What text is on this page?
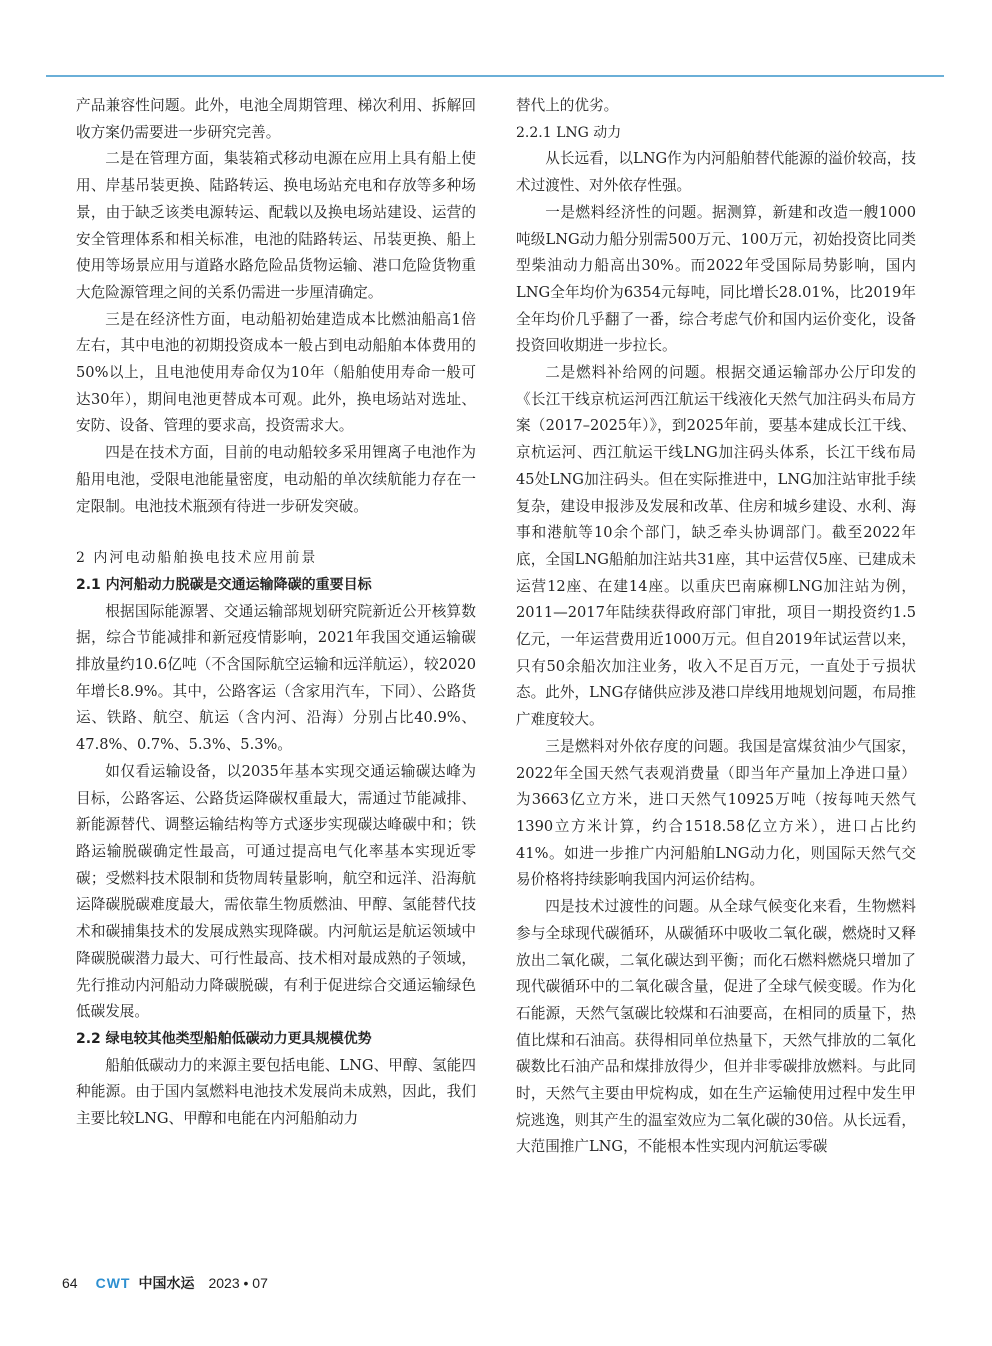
产品兼容性问题。此外，电池全周期管理、梯次利用、拆解回收方案仍需要进一步研究完善。

二是在管理方面，集装箱式移动电源在应用上具有船上使用、岸基吊装更换、陆路转运、换电场站充电和存放等多种场景，由于缺乏该类电源转运、配载以及换电场站建设、运营的安全管理体系和相关标准，电池的陆路转运、吊装更换、船上使用等场景应用与道路水路危险品货物运输、港口危险货物重大危险源管理之间的关系仍需进一步厘清确定。

三是在经济性方面，电动船初始建造成本比燃油船高1倍左右，其中电池的初期投资成本一般占到电动船舶本体费用的50%以上，且电池使用寿命仅为10年（船舶使用寿命一般可达30年），期间电池更替成本可观。此外，换电场站对选址、安防、设备、管理的要求高，投资需求大。

四是在技术方面，目前的电动船较多采用锂离子电池作为船用电池，受限电池能量密度，电动船的单次续航能力存在一定限制。电池技术瓶颈有待进一步研发突破。

2 内河电动船舶换电技术应用前景

2.1 内河船动力脱碳是交通运输降碳的重要目标

根据国际能源署、交通运输部规划研究院新近公开核算数据，综合节能减排和新冠疫情影响，2021年我国交通运输碳排放量约10.6亿吨（不含国际航空运输和远洋航运），较2020年增长8.9%。其中，公路客运（含家用汽车，下同）、公路货运、铁路、航空、航运（含内河、沿海）分别占比40.9%、47.8%、0.7%、5.3%、5.3%。

如仅看运输设备，以2035年基本实现交通运输碳达峰为目标，公路客运、公路货运降碳权重最大，需通过节能减排、新能源替代、调整运输结构等方式逐步实现碳达峰碳中和；铁路运输脱碳确定性最高，可通过提高电气化率基本实现近零碳；受燃料技术限制和货物周转量影响，航空和远洋、沿海航运降碳脱碳难度最大，需依靠生物质燃油、甲醇、氢能替代技术和碳捕集技术的发展成熟实现降碳。内河航运是航运领域中降碳脱碳潜力最大、可行性最高、技术相对最成熟的子领域，先行推动内河船动力降碳脱碳，有利于促进综合交通运输绿色低碳发展。

2.2 绿电较其他类型船舶低碳动力更具规模优势

船舶低碳动力的来源主要包括电能、LNG、甲醇、氢能四种能源。由于国内氢燃料电池技术发展尚未成熟，因此，我们主要比较LNG、甲醇和电能在内河船舶动力

替代上的优劣。

2.2.1 LNG 动力

从长远看，以LNG作为内河船舶替代能源的溢价较高，技术过渡性、对外依存性强。

一是燃料经济性的问题。据测算，新建和改造一艘1000吨级LNG动力船分别需500万元、100万元，初始投资比同类型柴油动力船高出30%。而2022年受国际局势影响，国内LNG全年均价为6354元每吨，同比增长28.01%，比2019年全年均价几乎翻了一番，综合考虑气价和国内运价变化，设备投资回收期进一步拉长。

二是燃料补给网的问题。根据交通运输部办公厅印发的《长江干线京杭运河西江航运干线液化天然气加注码头布局方案（2017–2025年）》，到2025年前，要基本建成长江干线、京杭运河、西江航运干线LNG加注码头体系，长江干线布局45处LNG加注码头。但在实际推进中，LNG加注站审批手续复杂，建设申报涉及发展和改革、住房和城乡建设、水利、海事和港航等10余个部门，缺乏牵头协调部门。截至2022年底，全国LNG船舶加注站共31座，其中运营仅5座、已建成未运营12座、在建14座。以重庆巴南麻柳LNG加注站为例，2011—2017年陆续获得政府部门审批，项目一期投资约1.5亿元，一年运营费用近1000万元。但自2019年试运营以来，只有50余船次加注业务，收入不足百万元，一直处于亏损状态。此外，LNG存储供应涉及港口岸线用地规划问题，布局推广难度较大。

三是燃料对外依存度的问题。我国是富煤贫油少气国家，2022年全国天然气表观消费量（即当年产量加上净进口量）为3663亿立方米，进口天然气10925万吨（按每吨天然气1390立方米计算，约合1518.58亿立方米），进口占比约41%。如进一步推广内河船舶LNG动力化，则国际天然气交易价格将持续影响我国内河运价结构。

四是技术过渡性的问题。从全球气候变化来看，生物燃料参与全球现代碳循环，从碳循环中吸收二氧化碳，燃烧时又释放出二氧化碳，二氧化碳达到平衡；而化石燃料燃烧只增加了现代碳循环中的二氧化碳含量，促进了全球气候变暖。作为化石能源，天然气氢碳比较煤和石油要高，在相同的质量下，热值比煤和石油高。获得相同单位热量下，天然气排放的二氧化碳数比石油产品和煤排放得少，但并非零碳排放燃料。与此同时，天然气主要由甲烷构成，如在生产运输使用过程中发生甲烷逃逸，则其产生的温室效应为二氧化碳的30倍。从长远看，大范围推广LNG，不能根本性实现内河航运零碳

64 CWT 中国水运 2023 • 07
